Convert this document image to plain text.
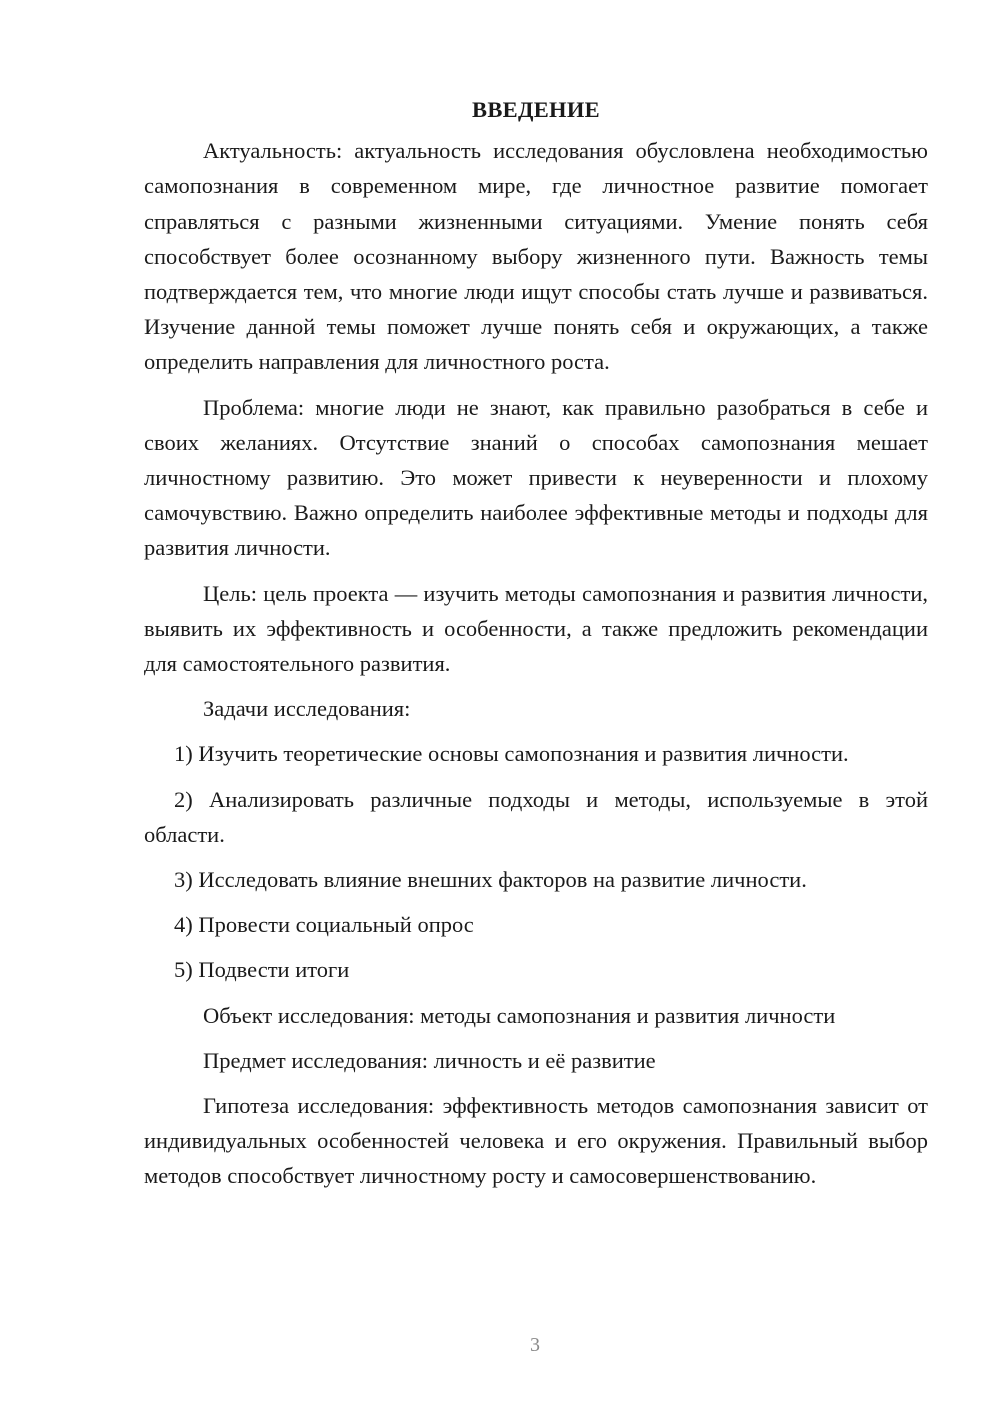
ВВЕДЕНИЕ

Актуальность: актуальность исследования обусловлена необходимостью самопознания в современном мире, где личностное развитие помогает справляться с разными жизненными ситуациями. Умение понять себя способствует более осознанному выбору жизненного пути. Важность темы подтверждается тем, что многие люди ищут способы стать лучше и развиваться. Изучение данной темы поможет лучше понять себя и окружающих, а также определить направления для личностного роста.

Проблема: многие люди не знают, как правильно разобраться в себе и своих желаниях. Отсутствие знаний о способах самопознания мешает личностному развитию. Это может привести к неуверенности и плохому самочувствию. Важно определить наиболее эффективные методы и подходы для развития личности.

Цель: цель проекта — изучить методы самопознания и развития личности, выявить их эффективность и особенности, а также предложить рекомендации для самостоятельного развития.

Задачи исследования:

1) Изучить теоретические основы самопознания и развития личности.

2) Анализировать различные подходы и методы, используемые в этой области.

3) Исследовать влияние внешних факторов на развитие личности.

4) Провести социальный опрос

5) Подвести итоги

Объект исследования: методы самопознания и развития личности

Предмет исследования: личность и её развитие

Гипотеза исследования: эффективность методов самопознания зависит от индивидуальных особенностей человека и его окружения. Правильный выбор методов способствует личностному росту и самосовершенствованию.

3
